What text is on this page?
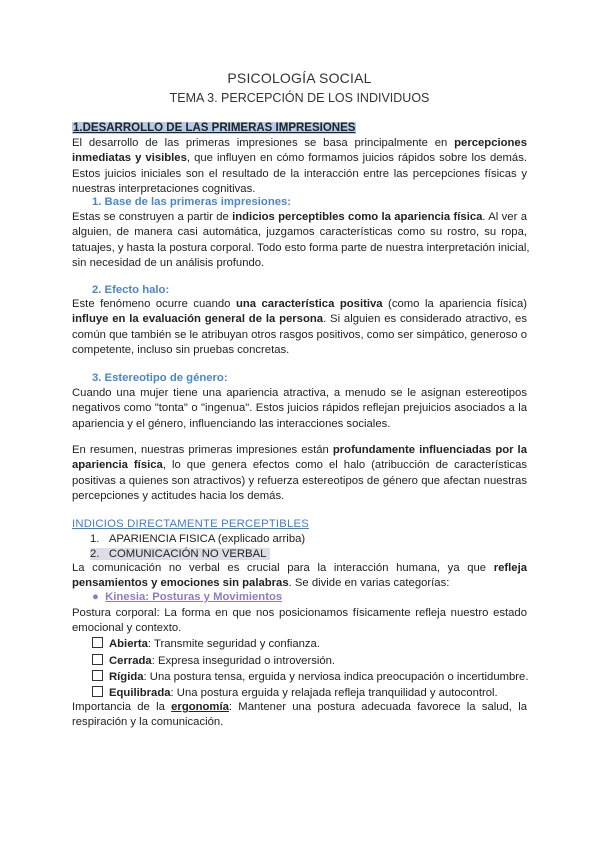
PSICOLOGÍA SOCIAL
TEMA 3. PERCEPCIÓN DE LOS INDIVIDUOS
1.DESARROLLO DE LAS PRIMERAS IMPRESIONES
El desarrollo de las primeras impresiones se basa principalmente en percepciones
inmediatas y visibles, que influyen en cómo formamos juicios rápidos sobre los demás.
Estos juicios iniciales son el resultado de la interacción entre las percepciones físicas y
nuestras interpretaciones cognitivas.
1. Base de las primeras impresiones:
Estas se construyen a partir de indicios perceptibles como la apariencia física. Al ver a
alguien, de manera casi automática, juzgamos características como su rostro, su ropa,
tatuajes, y hasta la postura corporal. Todo esto forma parte de nuestra interpretación inicial,
sin necesidad de un análisis profundo.
2. Efecto halo:
Este fenómeno ocurre cuando una característica positiva (como la apariencia física)
influye en la evaluación general de la persona. Si alguien es considerado atractivo, es
común que también se le atribuyan otros rasgos positivos, como ser simpático, generoso o
competente, incluso sin pruebas concretas.
3. Estereotipo de género:
Cuando una mujer tiene una apariencia atractiva, a menudo se le asignan estereotipos
negativos como "tonta" o "ingenua". Estos juicios rápidos reflejan prejuicios asociados a la
apariencia y el género, influenciando las interacciones sociales.
En resumen, nuestras primeras impresiones están profundamente influenciadas por la
apariencia física, lo que genera efectos como el halo (atribucción de características
positivas a quienes son atractivos) y refuerza estereotipos de género que afectan nuestras
percepciones y actitudes hacia los demás.
INDICIOS DIRECTAMENTE PERCEPTIBLES
1. APARIENCIA FISICA (explicado arriba)
2. COMUNICACIÓN NO VERBAL
La comunicación no verbal es crucial para la interacción humana, ya que refleja
pensamientos y emociones sin palabras. Se divide en varias categorías:
● Kinesia: Posturas y Movimientos
Postura corporal: La forma en que nos posicionamos físicamente refleja nuestro estado
emocional y contexto.
Abierta: Transmite seguridad y confianza.
Cerrada: Expresa inseguridad o introversión.
Rígida: Una postura tensa, erguida y nerviosa indica preocupación o incertidumbre.
Equilibrada: Una postura erguida y relajada refleja tranquilidad y autocontrol.
Importancia de la ergonomía: Mantener una postura adecuada favorece la salud, la
respiración y la comunicación.
